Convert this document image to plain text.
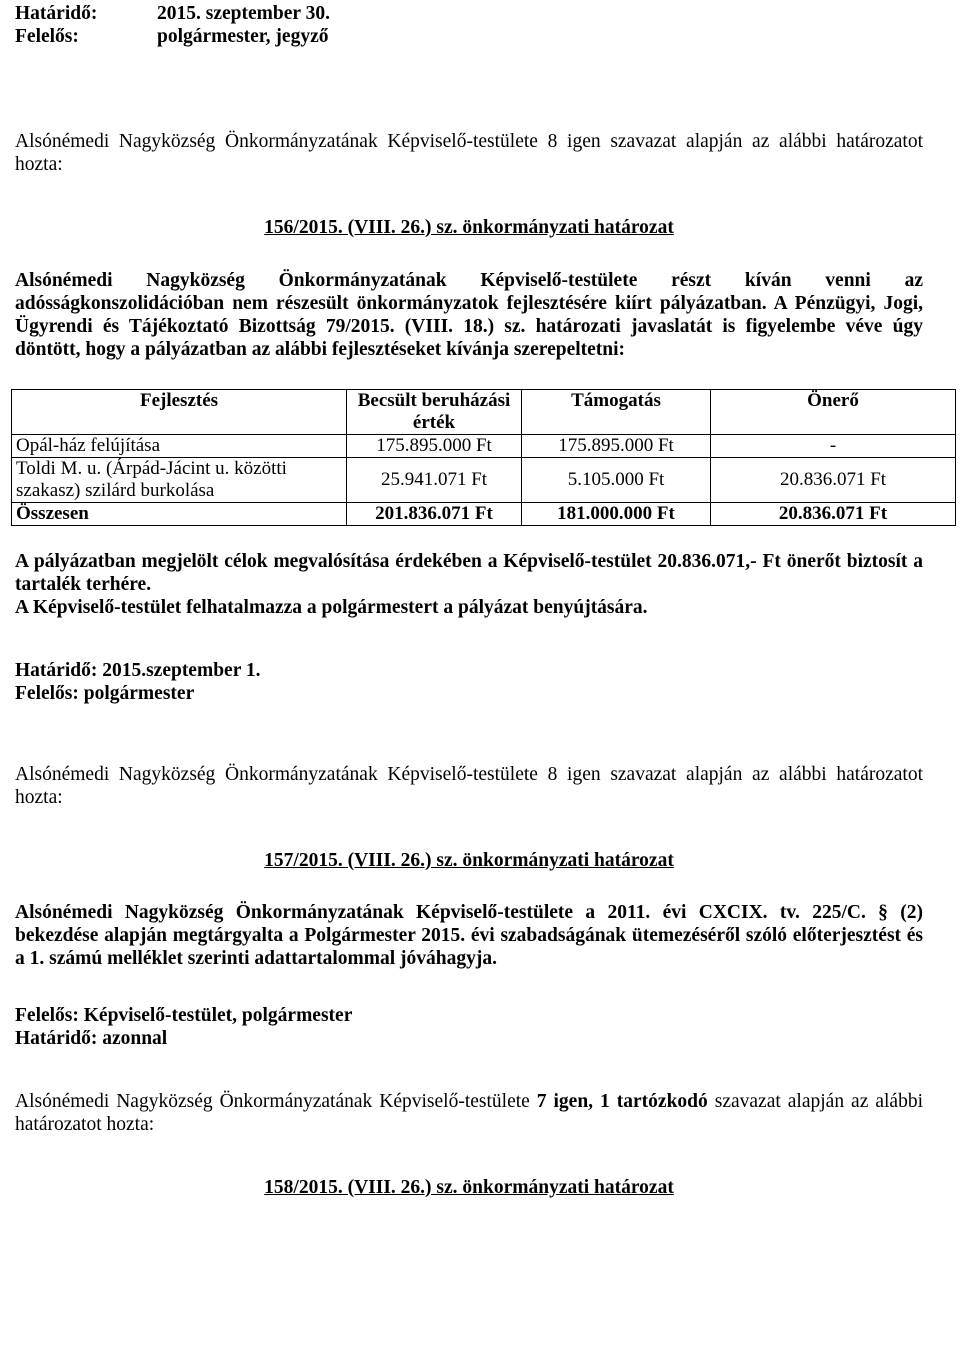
Határidő:	2015. szeptember 30.
Felelős:	polgármester, jegyző

Alsónémedi Nagyközség Önkormányzatának Képviselő-testülete 8 igen szavazat alapján az alábbi határozatot hozta:

156/2015. (VIII. 26.) sz. önkormányzati határozat

Alsónémedi Nagyközség Önkormányzatának Képviselő-testülete részt kíván venni az adósságkonszolidációban nem részesült önkormányzatok fejlesztésére kiírt pályázatban. A Pénzügyi, Jogi, Ügyrendi és Tájékoztató Bizottság 79/2015. (VIII. 18.) sz. határozati javaslatát is figyelembe véve úgy döntött, hogy a pályázatban az alábbi fejlesztéseket kívánja szerepeltetni:

Fejlesztés	Becsült beruházási érték	Támogatás	Önerő
Opál-ház felújítása	175.895.000 Ft	175.895.000 Ft	-
Toldi M. u. (Árpád-Jácint u. közötti szakasz) szilárd burkolása	25.941.071 Ft	5.105.000 Ft	20.836.071 Ft
Összesen	201.836.071 Ft	181.000.000 Ft	20.836.071 Ft

A pályázatban megjelölt célok megvalósítása érdekében a Képviselő-testület 20.836.071,- Ft önerőt biztosít a tartalék terhére.

A Képviselő-testület felhatalmazza a polgármestert a pályázat benyújtására.

Határidő: 2015.szeptember 1.

Felelős: polgármester

Alsónémedi Nagyközség Önkormányzatának Képviselő-testülete 8 igen szavazat alapján az alábbi határozatot hozta:

157/2015. (VIII. 26.) sz. önkormányzati határozat

Alsónémedi Nagyközség Önkormányzatának Képviselő-testülete a 2011. évi CXCIX. tv. 225/C. § (2) bekezdése alapján megtárgyalta a Polgármester 2015. évi szabadságának ütemezéséről szóló előterjesztést és a 1. számú melléklet szerinti adattartalommal jóváhagyja.

Felelős: Képviselő-testület, polgármester

Határidő: azonnal

Alsónémedi Nagyközség Önkormányzatának Képviselő-testülete 7 igen, 1 tartózkodó szavazat alapján az alábbi határozatot hozta:

158/2015. (VIII. 26.) sz. önkormányzati határozat
